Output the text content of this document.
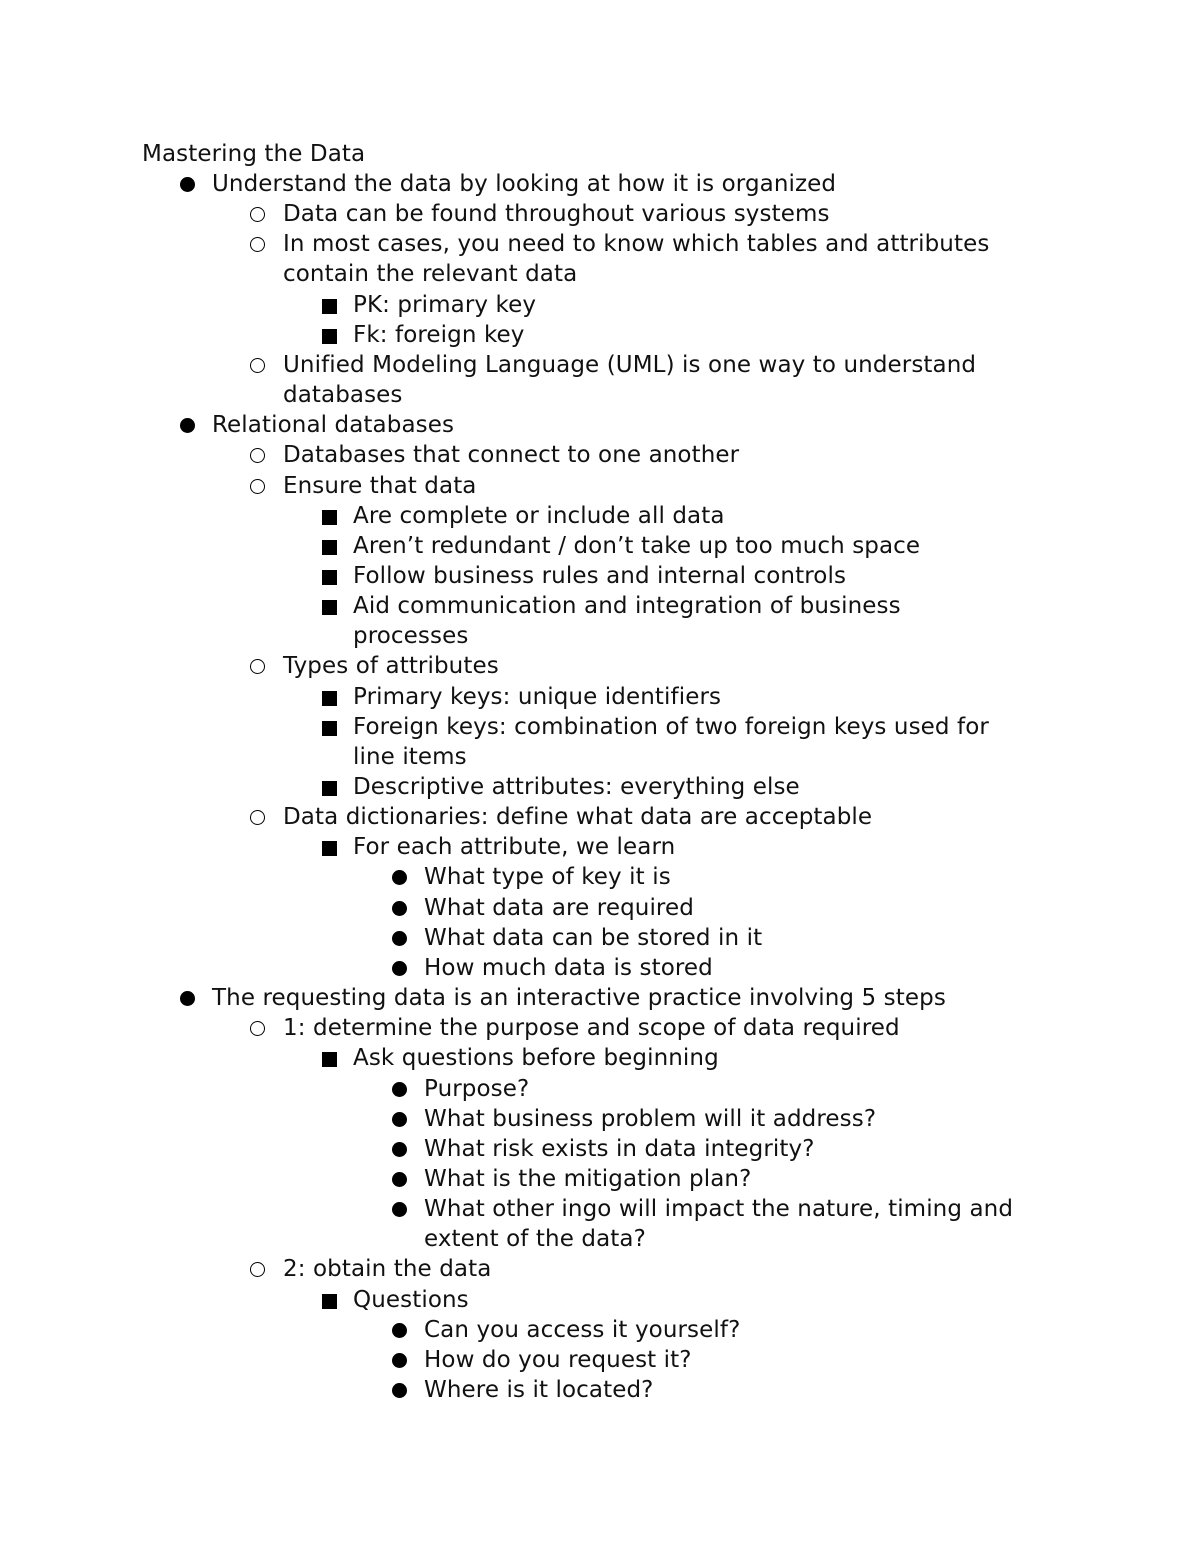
Mastering the Data
Understand the data by looking at how it is organized
Data can be found throughout various systems
In most cases, you need to know which tables and attributes
contain the relevant data
PK: primary key
Fk: foreign key
Unified Modeling Language (UML) is one way to understand
databases
Relational databases
Databases that connect to one another
Ensure that data
Are complete or include all data
Aren’t redundant / don’t take up too much space
Follow business rules and internal controls
Aid communication and integration of business
processes
Types of attributes
Primary keys: unique identifiers
Foreign keys: combination of two foreign keys used for
line items
Descriptive attributes: everything else
Data dictionaries: define what data are acceptable
For each attribute, we learn
What type of key it is
What data are required
What data can be stored in it
How much data is stored
The requesting data is an interactive practice involving 5 steps
1: determine the purpose and scope of data required
Ask questions before beginning
Purpose?
What business problem will it address?
What risk exists in data integrity?
What is the mitigation plan?
What other ingo will impact the nature, timing and
extent of the data?
2: obtain the data
Questions
Can you access it yourself?
How do you request it?
Where is it located?
